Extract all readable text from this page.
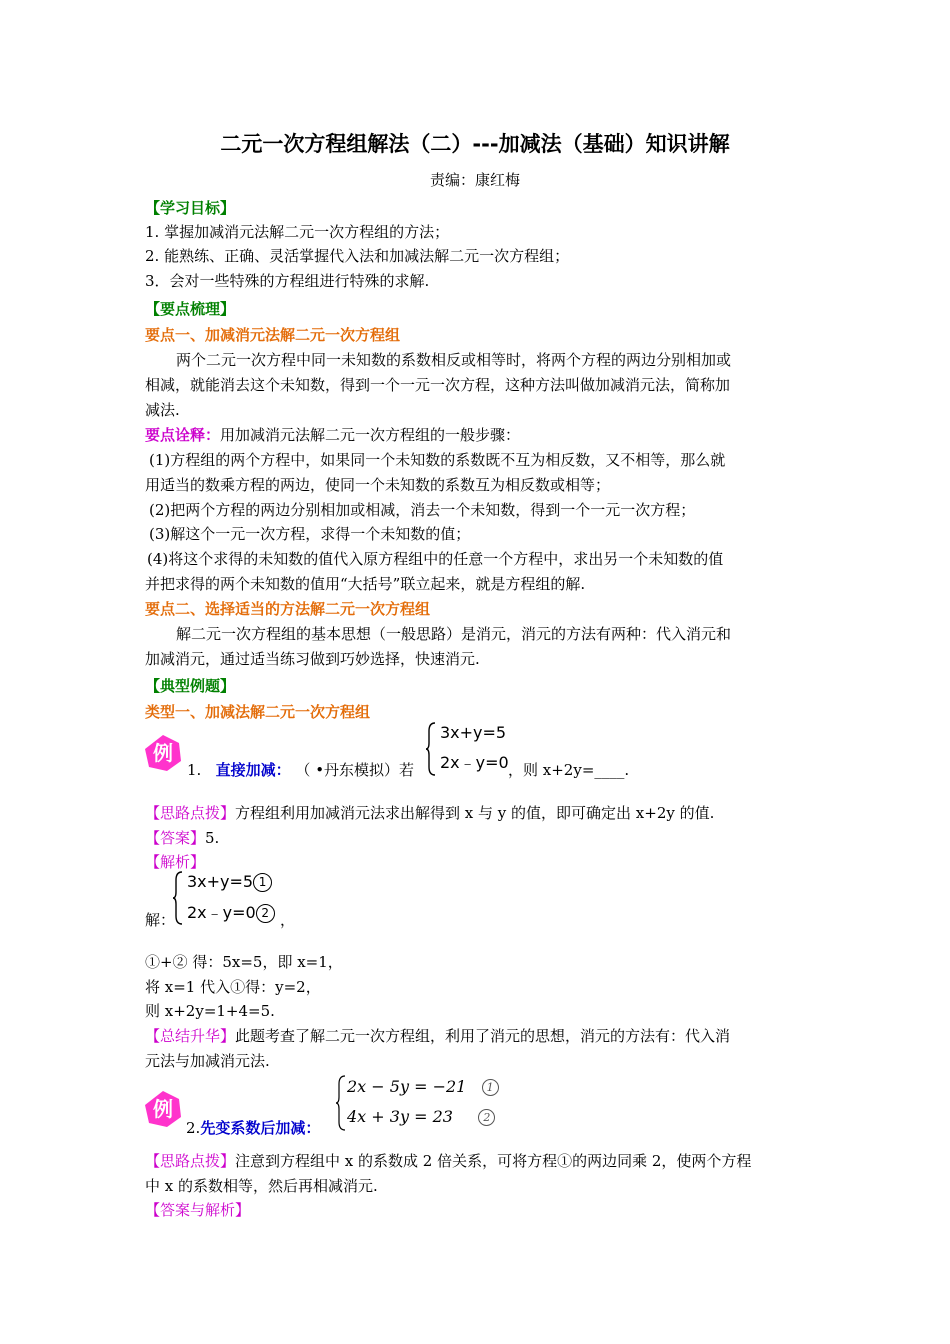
二元一次方程组解法（二）---加减法（基础）知识讲解
责编：康红梅
【学习目标】
1. 掌握加减消元法解二元一次方程组的方法；
2. 能熟练、正确、灵活掌握代入法和加减法解二元一次方程组；
3．会对一些特殊的方程组进行特殊的求解.
【要点梳理】
要点一、加减消元法解二元一次方程组
两个二元一次方程中同一未知数的系数相反或相等时，将两个方程的两边分别相加或
相减，就能消去这个未知数，得到一个一元一次方程，这种方法叫做加减消元法，简称加
减法.
要点诠释：用加减消元法解二元一次方程组的一般步骤：
(1)方程组的两个方程中，如果同一个未知数的系数既不互为相反数，又不相等，那么就
用适当的数乘方程的两边，使同一个未知数的系数互为相反数或相等；
(2)把两个方程的两边分别相加或相减，消去一个未知数，得到一个一元一次方程；
(3)解这个一元一次方程，求得一个未知数的值；
(4)将这个求得的未知数的值代入原方程组中的任意一个方程中，求出另一个未知数的值
并把求得的两个未知数的值用“大括号”联立起来，就是方程组的解.
要点二、选择适当的方法解二元一次方程组
解二元一次方程组的基本思想（一般思路）是消元，消元的方法有两种：代入消元和
加减消元，通过适当练习做到巧妙选择，快速消元.
【典型例题】
类型一、加减法解二元一次方程组
例
1. 直接加减： （ •丹东模拟）若
3x+y=5
2x﹣y=0 ，则 x+2y=____.
【思路点拨】方程组利用加减消元法求出解得到 x 与 y 的值，即可确定出 x+2y 的值.
【答案】5.
【解析】
解：
3x+y=5 1
2x﹣y=0 2 ，
①+② 得：5x=5，即 x=1，
将 x=1 代入①得：y=2，
则 x+2y=1+4=5.
【总结升华】此题考查了解二元一次方程组，利用了消元的思想，消元的方法有：代入消
元法与加减消元法.
例
2.先变系数后加减：
2x − 5y = −21 1
4x + 3y = 23	2
【思路点拨】注意到方程组中 x 的系数成 2 倍关系，可将方程①的两边同乘 2，使两个方程
中 x 的系数相等，然后再相减消元.
【答案与解析】
